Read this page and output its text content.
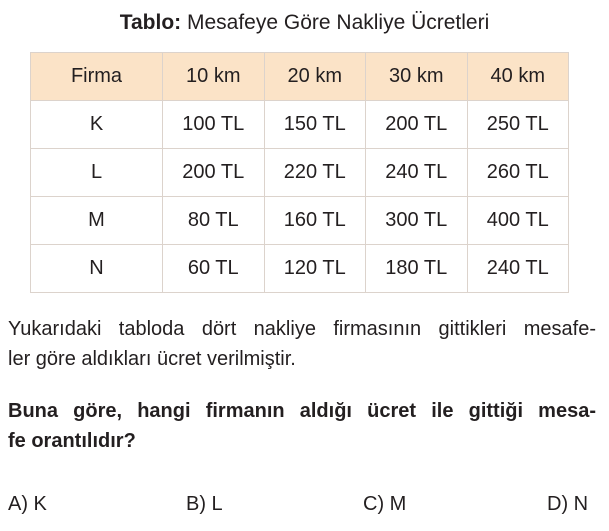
Tablo: Mesafeye Göre Nakliye Ücretleri
Firma	10 km	20 km	30 km	40 km
K	100 TL	150 TL	200 TL	250 TL
L	200 TL	220 TL	240 TL	260 TL
M	80 TL	160 TL	300 TL	400 TL
N	60 TL	120 TL	180 TL	240 TL
Yukarıdaki tabloda dört nakliye firmasının gittikleri mesafe-
ler göre aldıkları ücret verilmiştir.
Buna göre, hangi firmanın aldığı ücret ile gittiği mesa-
fe orantılıdır?
A) K	B) L	C) M	D) N
